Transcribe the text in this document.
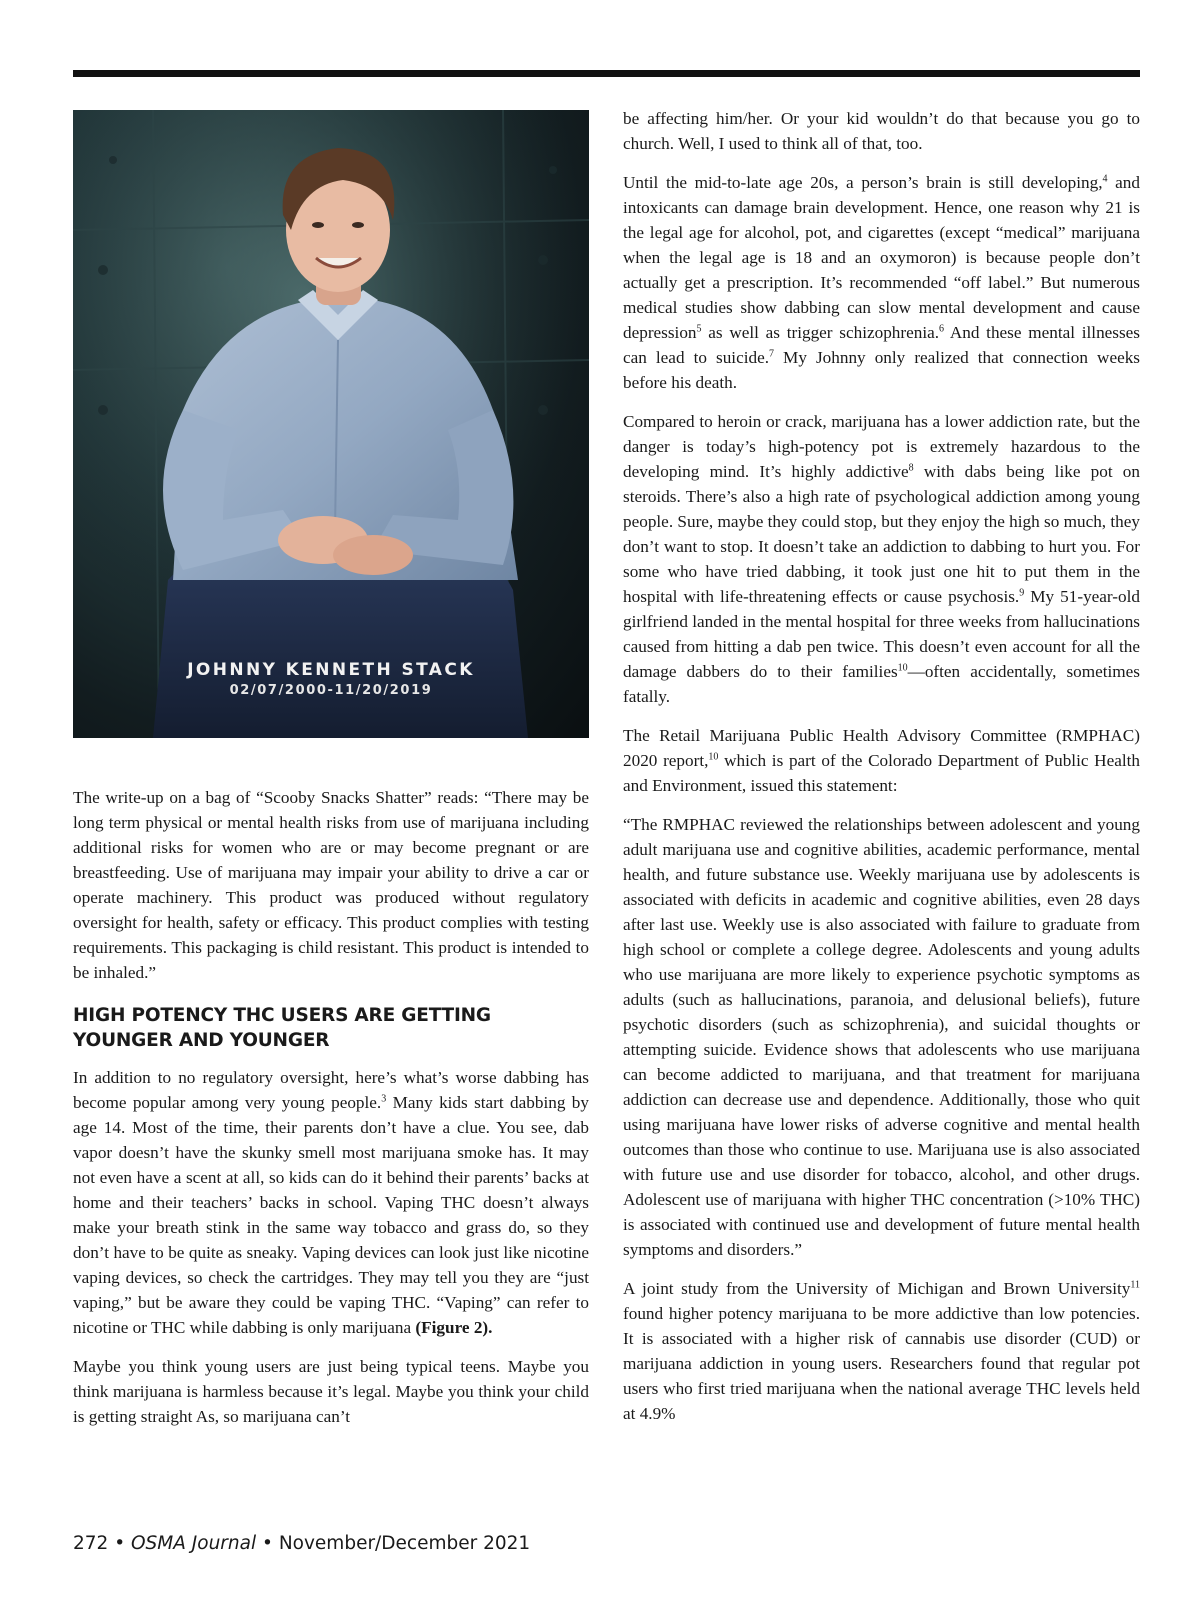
JOHNNY KENNETH STACK
02/07/2000-11/20/2019

The write-up on a bag of “Scooby Snacks Shatter” reads: “There may be long term physical or mental health risks from use of marijuana including additional risks for women who are or may become pregnant or are breastfeeding. Use of marijuana may impair your ability to drive a car or operate machinery. This product was produced without regulatory oversight for health, safety or efficacy. This product complies with testing requirements. This packaging is child resistant. This product is intended to be inhaled.”

HIGH POTENCY THC USERS ARE GETTING YOUNGER AND YOUNGER

In addition to no regulatory oversight, here’s what’s worse dabbing has become popular among very young people.$^3$ Many kids start dabbing by age 14. Most of the time, their parents don’t have a clue. You see, dab vapor doesn’t have the skunky smell most marijuana smoke has. It may not even have a scent at all, so kids can do it behind their parents’ backs at home and their teachers’ backs in school. Vaping THC doesn’t always make your breath stink in the same way tobacco and grass do, so they don’t have to be quite as sneaky. Vaping devices can look just like nicotine vaping devices, so check the cartridges. They may tell you they are “just vaping,” but be aware they could be vaping THC. “Vaping” can refer to nicotine or THC while dabbing is only marijuana (Figure 2).

Maybe you think young users are just being typical teens. Maybe you think marijuana is harmless because it’s legal. Maybe you think your child is getting straight As, so marijuana can’t

be affecting him/her. Or your kid wouldn’t do that because you go to church. Well, I used to think all of that, too.

Until the mid-to-late age 20s, a person’s brain is still developing,$^4$ and intoxicants can damage brain development. Hence, one reason why 21 is the legal age for alcohol, pot, and cigarettes (except “medical” marijuana when the legal age is 18 and an oxymoron) is because people don’t actually get a prescription. It’s recommended “off label.” But numerous medical studies show dabbing can slow mental development and cause depression$^5$ as well as trigger schizophrenia.$^6$ And these mental illnesses can lead to suicide.$^7$ My Johnny only realized that connection weeks before his death.

Compared to heroin or crack, marijuana has a lower addiction rate, but the danger is today’s high-potency pot is extremely hazardous to the developing mind. It’s highly addictive$^8$ with dabs being like pot on steroids. There’s also a high rate of psychological addiction among young people. Sure, maybe they could stop, but they enjoy the high so much, they don’t want to stop. It doesn’t take an addiction to dabbing to hurt you. For some who have tried dabbing, it took just one hit to put them in the hospital with life-threatening effects or cause psychosis.$^9$ My 51-year-old girlfriend landed in the mental hospital for three weeks from hallucinations caused from hitting a dab pen twice. This doesn’t even account for all the damage dabbers do to their families$^{10}$—often accidentally, sometimes fatally.

The Retail Marijuana Public Health Advisory Committee (RMPHAC) 2020 report,$^{10}$ which is part of the Colorado Department of Public Health and Environment, issued this statement:

“The RMPHAC reviewed the relationships between adolescent and young adult marijuana use and cognitive abilities, academic performance, mental health, and future substance use. Weekly marijuana use by adolescents is associated with deficits in academic and cognitive abilities, even 28 days after last use. Weekly use is also associated with failure to graduate from high school or complete a college degree. Adolescents and young adults who use marijuana are more likely to experience psychotic symptoms as adults (such as hallucinations, paranoia, and delusional beliefs), future psychotic disorders (such as schizophrenia), and suicidal thoughts or attempting suicide. Evidence shows that adolescents who use marijuana can become addicted to marijuana, and that treatment for marijuana addiction can decrease use and dependence. Additionally, those who quit using marijuana have lower risks of adverse cognitive and mental health outcomes than those who continue to use. Marijuana use is also associated with future use and use disorder for tobacco, alcohol, and other drugs. Adolescent use of marijuana with higher THC concentration (>10% THC) is associated with continued use and development of future mental health symptoms and disorders.”

A joint study from the University of Michigan and Brown University$^{11}$ found higher potency marijuana to be more addictive than low potencies. It is associated with a higher risk of cannabis use disorder (CUD) or marijuana addiction in young users. Researchers found that regular pot users who first tried marijuana when the national average THC levels held at 4.9%

272 • OSMA Journal • November/December 2021
